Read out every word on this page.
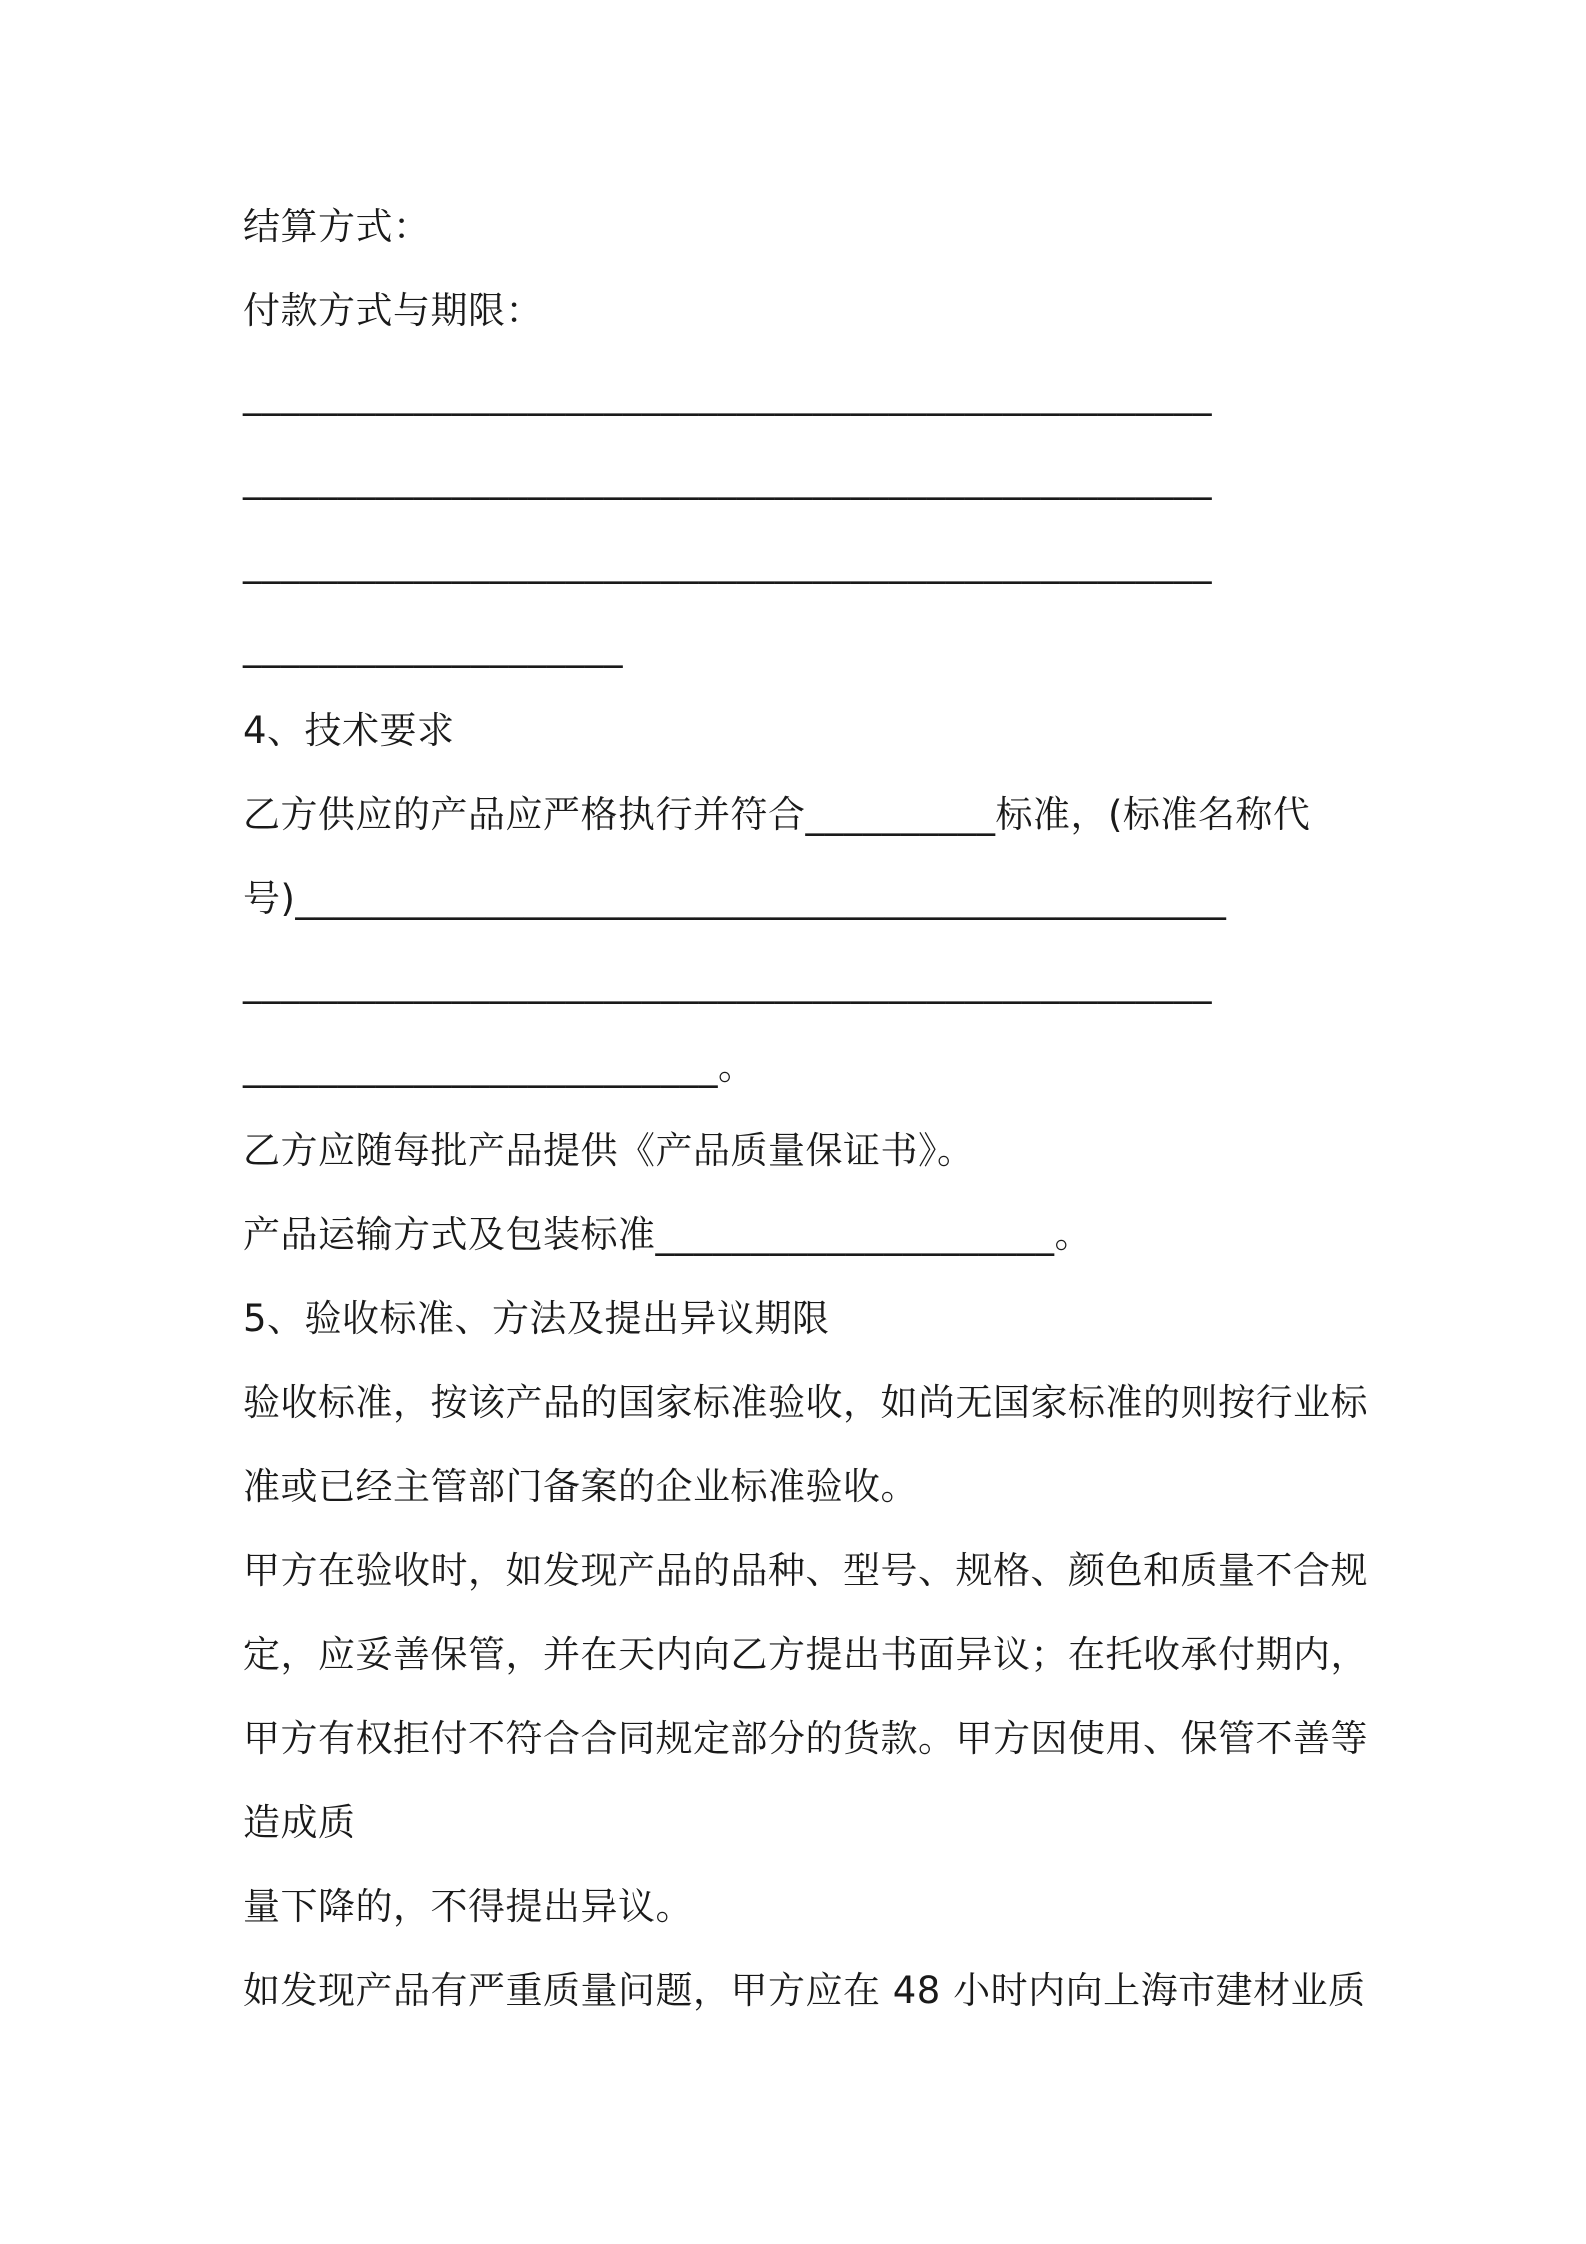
结算方式：
付款方式与期限：
___________________________________________________
___________________________________________________
___________________________________________________
____________________
4、技术要求
乙方供应的产品应严格执行并符合__________标准，(标准名称代
号)_________________________________________________
___________________________________________________
_________________________。
乙方应随每批产品提供《产品质量保证书》。
产品运输方式及包装标准_____________________。
5、验收标准、方法及提出异议期限
验收标准，按该产品的国家标准验收，如尚无国家标准的则按行业标
准或已经主管部门备案的企业标准验收。
甲方在验收时，如发现产品的品种、型号、规格、颜色和质量不合规
定，应妥善保管，并在天内向乙方提出书面异议；在托收承付期内，
甲方有权拒付不符合合同规定部分的货款。甲方因使用、保管不善等
造成质
量下降的，不得提出异议。
如发现产品有严重质量问题，甲方应在 48 小时内向上海市建材业质
